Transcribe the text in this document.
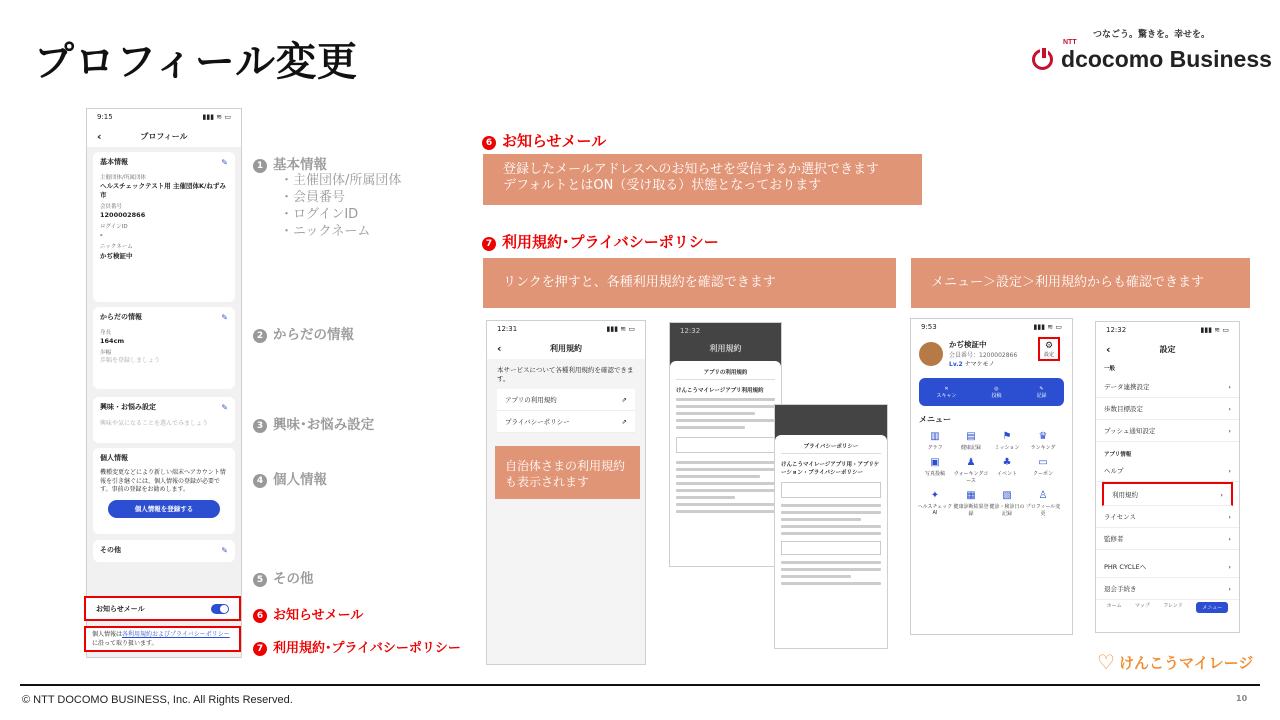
プロフィール変更
つなごう。驚きを。幸せを。
NTT
d cocomo Business
9:15	▮▮▮ ≋ ▭
‹	プロフィール
基本情報	✎
主催団体/所属団体
ヘルスチェックテスト用 主催団体K/ねずみ市
会員番号
1200002866
ログインID
-
ニックネーム
かぢ検証中
からだの情報	✎
身長
164cm
歩幅
歩幅を登録しましょう
興味・お悩み設定	✎
興味や気になることを選んでみましょう
個人情報
機種変更などにより新しい端末へアカウント情報を引き継ぐには、個人情報の登録が必要です。事前の登録をお勧めします。
個人情報を登録する
その他	✎
お知らせメール
個人情報は各利用規約およびプライバシーポリシーに沿って取り扱います。
1 基本情報
・主催団体/所属団体
・会員番号
・ログインID
・ニックネーム
2 からだの情報
3 興味･お悩み設定
4 個人情報
5 その他
6 お知らせメール
7 利用規約･プライバシーポリシー
6 お知らせメール
登録したメールアドレスへのお知らせを受信するか選択できます
デフォルトとはON（受け取る）状態となっております
7 利用規約･プライバシーポリシー
リンクを押すと、各種利用規約を確認できます	メニュー＞設定＞利用規約からも確認できます
12:31	▮▮▮ ≋ ▭
‹	利用規約
本サービスについて各種利用規約を確認できます。
アプリの利用規約	⇗
プライバシーポリシー	⇗
自治体さまの利用規約も表示されます
12:32
利用規約
アプリの利用規約
けんこうマイレージアプリ利用規約
プライバシーポリシー
けんこうマイレージアプリ用・アプリケーション・プライバシーポリシー
9:53	▮▮▮ ≋ ▭
かぢ検証中
会員番号：1200002866
Lv.2 ナマケモノ
⚙
設定
✕
スキャン
◎
投稿
✎
記録
メニュー
▥
グラフ
▤
健康記録
⚑
ミッション
♛
ランキング
▣
写真投稿
♟
ウォーキングコース
♣
イベント
▭
クーポン
✦
ヘルスチェックAI
▦
健康診断結果登録
▧
健診・検診日の記録
♙
プロフィール変更
12:32	▮▮▮ ≋ ▭
‹	設定
一般
データ連携設定	›
歩数目標設定	›
プッシュ通知設定	›
アプリ情報
ヘルプ	›
利用規約	›
ライセンス	›
監修者	›
PHR CYCLEへ	›
退会手続き	›
ホーム	マップ	フレンド	メニュー
♡ けんこうマイレージ
© NTT DOCOMO BUSINESS, Inc. All Rights Reserved.	10
